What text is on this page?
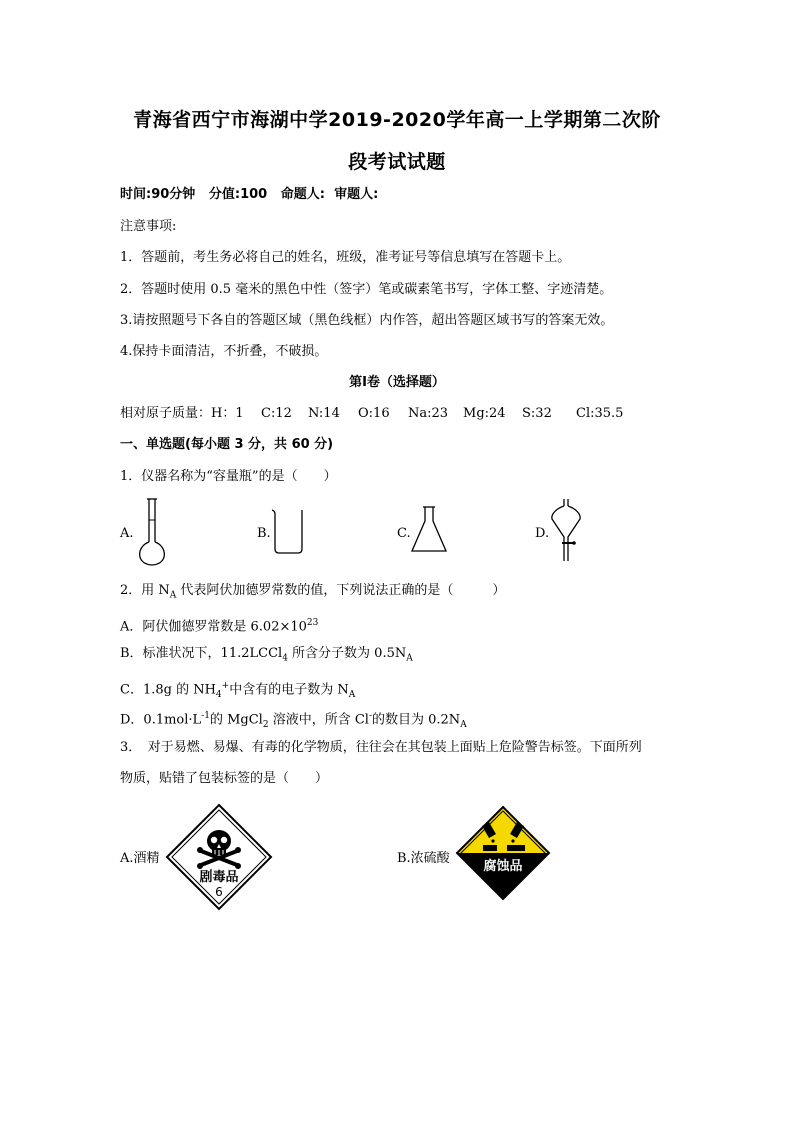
青海省西宁市海湖中学2019-2020学年高一上学期第二次阶
段考试试题
时间:90分钟 分值:100 命题人: 审题人:
注意事项:
1．答题前，考生务必将自己的姓名，班级，准考证号等信息填写在答题卡上。
2．答题时使用 0.5 毫米的黑色中性（签字）笔或碳素笔书写，字体工整、字迹清楚。
3.请按照题号下各自的答题区域（黑色线框）内作答，超出答题区域书写的答案无效。
4.保持卡面清洁，不折叠，不破损。
第Ⅰ卷（选择题）
相对原子质量：H：1 C:12 N:14 O:16 Na:23 Mg:24 S:32 Cl:35.5
一、单选题(每小题 3 分，共 60 分)
1．仪器名称为“容量瓶”的是（　　）
A.	B.	C.	D.
2．用 $N_A$ 代表阿伏加德罗常数的值，下列说法正确的是（　　　）
A．阿伏伽德罗常数是 $6.02\times 10^{23}$
B．标准状况下，11.2LCCl$_4$ 所含分子数为 $0.5N_A$
C．1.8g 的 $NH_4^+$中含有的电子数为 $N_A$
D．$0.1mol\cdot L^{-1}$的 MgCl$_2$ 溶液中，所含 Cl-的数目为 $0.2N_A$
3．　对于易燃、易爆、有毒的化学物质，往往会在其包装上面贴上危险警告标签。下面所列
物质，贴错了包装标签的是（　　）
A.酒精
剧毒品
6
B.浓硫酸
腐蚀品
